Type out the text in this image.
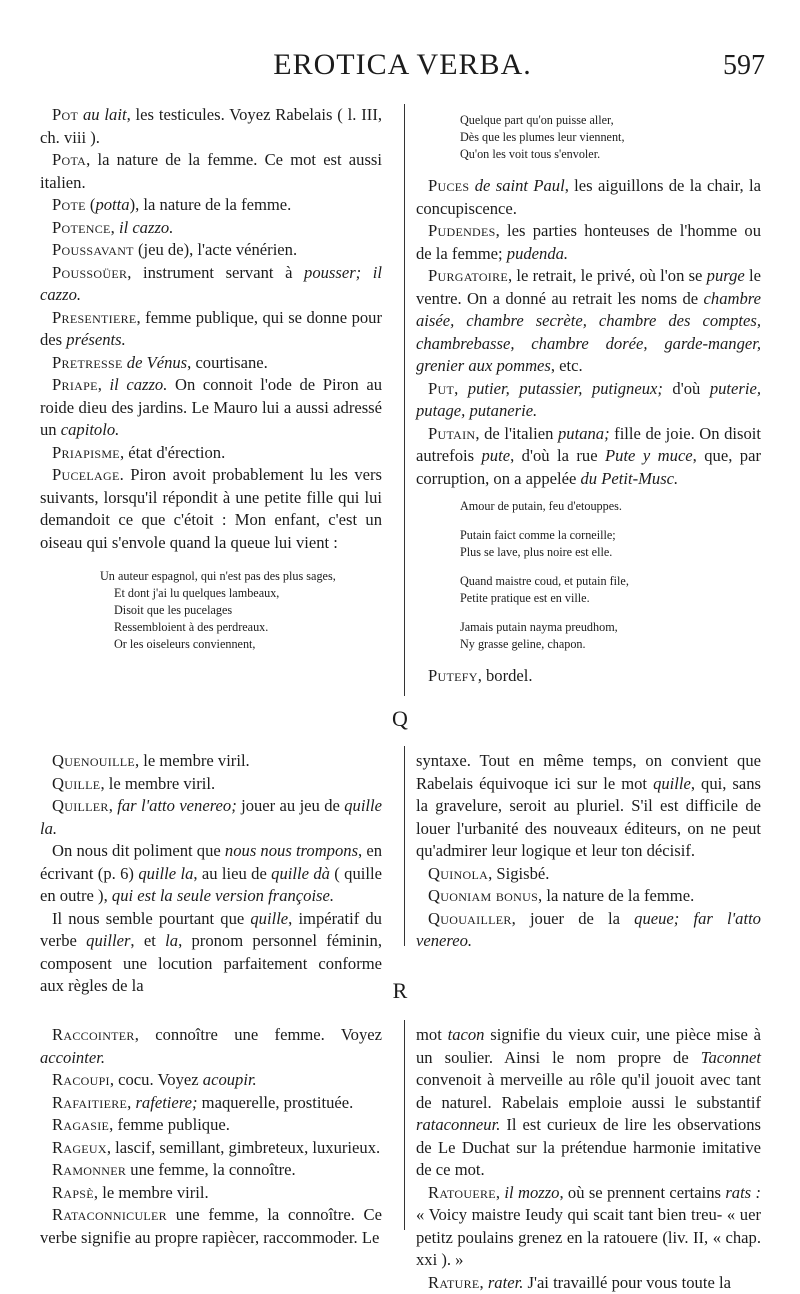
EROTICA VERBA.	597

Pot au lait, les testicules. Voyez Rabelais ( l. III, ch. viii ).

Pota, la nature de la femme. Ce mot est aussi italien.

Pote (potta), la nature de la femme.

Potence, il cazzo.

Poussavant (jeu de), l'acte vénérien.

Poussoüer, instrument servant à pousser; il cazzo.

Presentiere, femme publique, qui se donne pour des présents.

Pretresse de Vénus, courtisane.

Priape, il cazzo. On connoit l'ode de Piron au roide dieu des jardins. Le Mauro lui a aussi adressé un capitolo.

Priapisme, état d'érection.

Pucelage. Piron avoit probablement lu les vers suivants, lorsqu'il répondit à une petite fille qui lui demandoit ce que c'étoit : Mon enfant, c'est un oiseau qui s'envole quand la queue lui vient :

Un auteur espagnol, qui n'est pas des plus sages,
Et dont j'ai lu quelques lambeaux,
Disoit que les pucelages
Ressembloient à des perdreaux.
Or les oiseleurs conviennent,

Quelque part qu'on puisse aller,
Dès que les plumes leur viennent,
Qu'on les voit tous s'envoler.

Puces de saint Paul, les aiguillons de la chair, la concupiscence.

Pudendes, les parties honteuses de l'homme ou de la femme; pudenda.

Purgatoire, le retrait, le privé, où l'on se purge le ventre. On a donné au retrait les noms de chambre aisée, chambre secrète, chambre des comptes, chambrebasse, chambre dorée, garde-manger, grenier aux pommes, etc.

Put, putier, putassier, putigneux; d'où puterie, putage, putanerie.

Putain, de l'italien putana; fille de joie. On disoit autrefois pute, d'où la rue Pute y muce, que, par corruption, on a appelée du Petit-Musc.

Amour de putain, feu d'etouppes.

Putain faict comme la corneille;
Plus se lave, plus noire est elle.

Quand maistre coud, et putain file,
Petite pratique est en ville.

Jamais putain nayma preudhom,
Ny grasse geline, chapon.

Putefy, bordel.

Q

Quenouille, le membre viril.

Quille, le membre viril.

Quiller, far l'atto venereo; jouer au jeu de quille la.

On nous dit poliment que nous nous trompons, en écrivant (p. 6) quille la, au lieu de quille dà ( quille en outre ), qui est la seule version françoise.

Il nous semble pourtant que quille, impératif du verbe quiller, et la, pronom personnel féminin, composent une locution parfaitement conforme aux règles de la

syntaxe. Tout en même temps, on convient que Rabelais équivoque ici sur le mot quille, qui, sans la gravelure, seroit au pluriel. S'il est difficile de louer l'urbanité des nouveaux éditeurs, on ne peut qu'admirer leur logique et leur ton décisif.

Quinola, Sigisbé.

Quoniam bonus, la nature de la femme.

Quouailler, jouer de la queue; far l'atto venereo.

R

Raccointer, connoître une femme. Voyez accointer.

Racoupi, cocu. Voyez acoupir.

Rafaitiere, rafetiere; maquerelle, prostituée.

Ragasie, femme publique.

Rageux, lascif, semillant, gimbreteux, luxurieux.

Ramonner une femme, la connoître.

Rapsè, le membre viril.

Rataconniculer une femme, la connoître. Ce verbe signifie au propre rapiècer, raccommoder. Le

mot tacon signifie du vieux cuir, une pièce mise à un soulier. Ainsi le nom propre de Taconnet convenoit à merveille au rôle qu'il jouoit avec tant de naturel. Rabelais emploie aussi le substantif rataconneur. Il est curieux de lire les observations de Le Duchat sur la prétendue harmonie imitative de ce mot.

Ratouere, il mozzo, où se prennent certains rats : « Voicy maistre Ieudy qui scait tant bien treu- « uer petitz poulains grenez en la ratouere (liv. II, « chap. xxi ). »

Rature, rater. J'ai travaillé pour vous toute la
